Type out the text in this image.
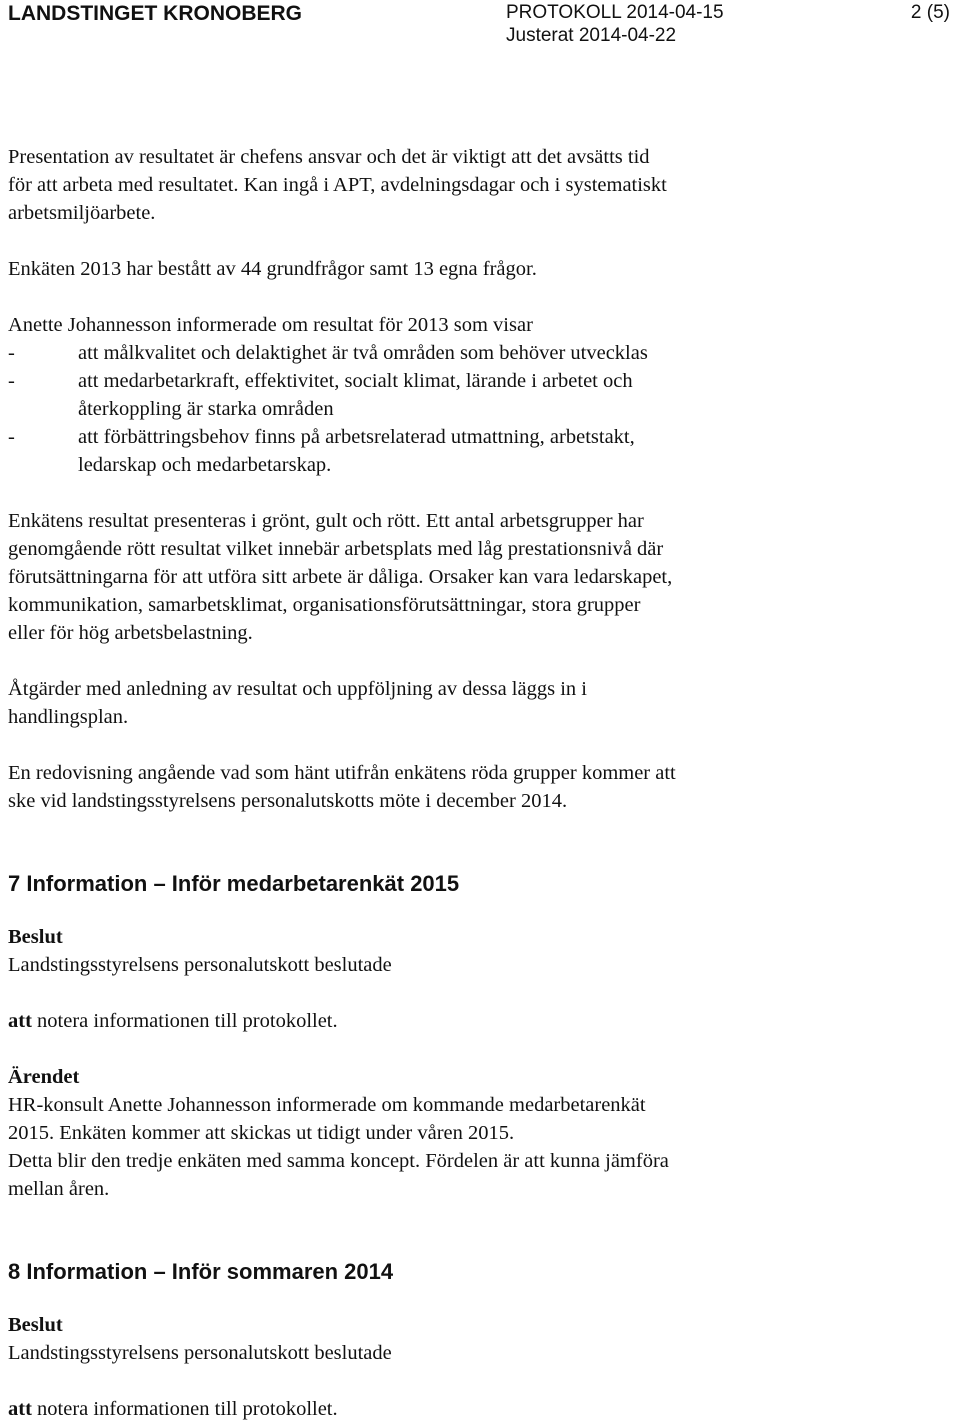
LANDSTINGET KRONOBERG	PROTOKOLL 2014-04-15
Justerat 2014-04-22
2 (5)

Presentation av resultatet är chefens ansvar och det är viktigt att det avsätts tid

för att arbeta med resultatet. Kan ingå i APT, avdelningsdagar och i systematiskt

arbetsmiljöarbete.

Enkäten 2013 har bestått av 44 grundfrågor samt 13 egna frågor.

Anette Johannesson informerade om resultat för 2013 som visar

-	att målkvalitet och delaktighet är två områden som behöver utvecklas

-	att medarbetarkraft, effektivitet, socialt klimat, lärande i arbetet och

återkoppling är starka områden

-	att förbättringsbehov finns på arbetsrelaterad utmattning, arbetstakt,

ledarskap och medarbetarskap.

Enkätens resultat presenteras i grönt, gult och rött. Ett antal arbetsgrupper har

genomgående rött resultat vilket innebär arbetsplats med låg prestationsnivå där

förutsättningarna för att utföra sitt arbete är dåliga. Orsaker kan vara ledarskapet,

kommunikation, samarbetsklimat, organisationsförutsättningar, stora grupper

eller för hög arbetsbelastning.

Åtgärder med anledning av resultat och uppföljning av dessa läggs in i

handlingsplan.

En redovisning angående vad som hänt utifrån enkätens röda grupper kommer att

ske vid landstingsstyrelsens personalutskotts möte i december 2014.

7 Information – Inför medarbetarenkät 2015

Beslut

Landstingsstyrelsens personalutskott beslutade

att notera informationen till protokollet.

Ärendet

HR-konsult Anette Johannesson informerade om kommande medarbetarenkät

2015. Enkäten kommer att skickas ut tidigt under våren 2015.

Detta blir den tredje enkäten med samma koncept. Fördelen är att kunna jämföra

mellan åren.

8 Information – Inför sommaren 2014

Beslut

Landstingsstyrelsens personalutskott beslutade

att notera informationen till protokollet.
